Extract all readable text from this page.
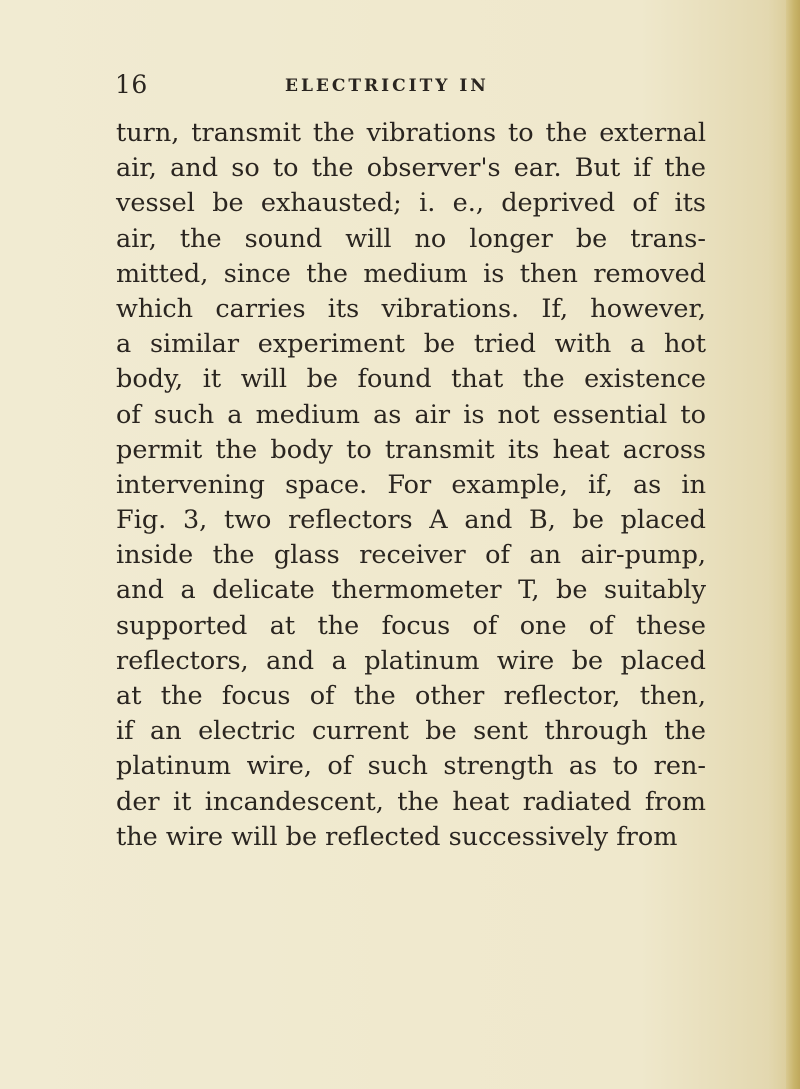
16	ELECTRICITY IN
turn, transmit the vibrations to the external
air, and so to the observer's ear. But if the
vessel be exhausted; i. e., deprived of its
air, the sound will no longer be trans-
mitted, since the medium is then removed
which carries its vibrations. If, however,
a similar experiment be tried with a hot
body, it will be found that the existence
of such a medium as air is not essential to
permit the body to transmit its heat across
intervening space. For example, if, as in
Fig. 3, two reflectors A and B, be placed
inside the glass receiver of an air-pump,
and a delicate thermometer T, be suitably
supported at the focus of one of these
reflectors, and a platinum wire be placed
at the focus of the other reflector, then,
if an electric current be sent through the
platinum wire, of such strength as to ren-
der it incandescent, the heat radiated from
the wire will be reflected successively from
